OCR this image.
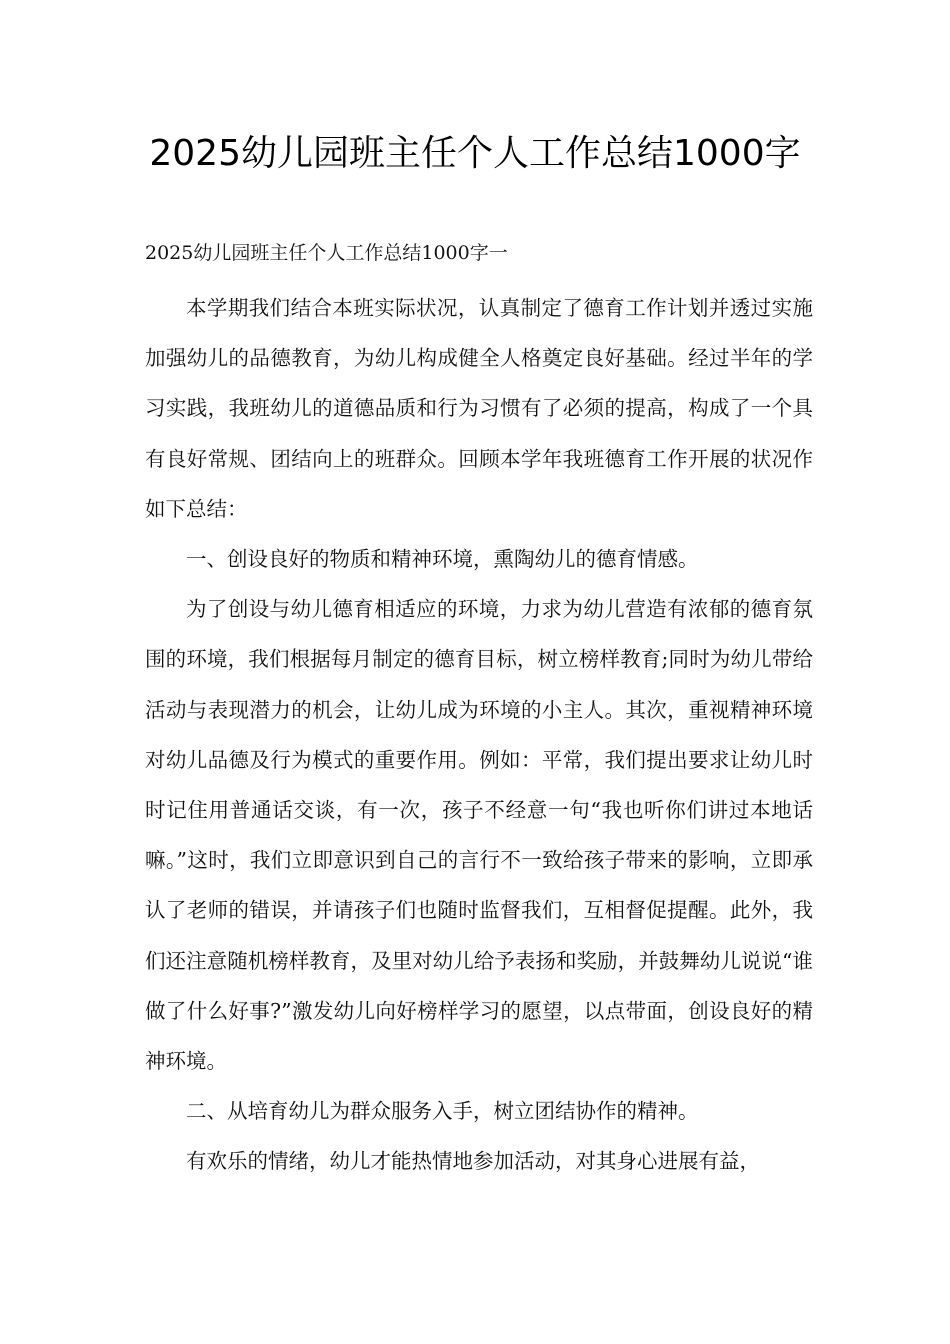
2025幼儿园班主任个人工作总结1000字
2025幼儿园班主任个人工作总结1000字一

本学期我们结合本班实际状况，认真制定了德育工作计划并透过实施加强幼儿的品德教育，为幼儿构成健全人格奠定良好基础。经过半年的学习实践，我班幼儿的道德品质和行为习惯有了必须的提高，构成了一个具有良好常规、团结向上的班群众。回顾本学年我班德育工作开展的状况作如下总结：

一、创设良好的物质和精神环境，熏陶幼儿的德育情感。

为了创设与幼儿德育相适应的环境，力求为幼儿营造有浓郁的德育氛围的环境，我们根据每月制定的德育目标，树立榜样教育;同时为幼儿带给活动与表现潜力的机会，让幼儿成为环境的小主人。其次，重视精神环境对幼儿品德及行为模式的重要作用。例如：平常，我们提出要求让幼儿时时记住用普通话交谈，有一次，孩子不经意一句“我也听你们讲过本地话嘛。”这时，我们立即意识到自己的言行不一致给孩子带来的影响，立即承认了老师的错误，并请孩子们也随时监督我们，互相督促提醒。此外，我们还注意随机榜样教育，及里对幼儿给予表扬和奖励，并鼓舞幼儿说说“谁做了什么好事?”激发幼儿向好榜样学习的愿望，以点带面，创设良好的精神环境。

二、从培育幼儿为群众服务入手，树立团结协作的精神。

有欢乐的情绪，幼儿才能热情地参加活动，对其身心进展有益，
